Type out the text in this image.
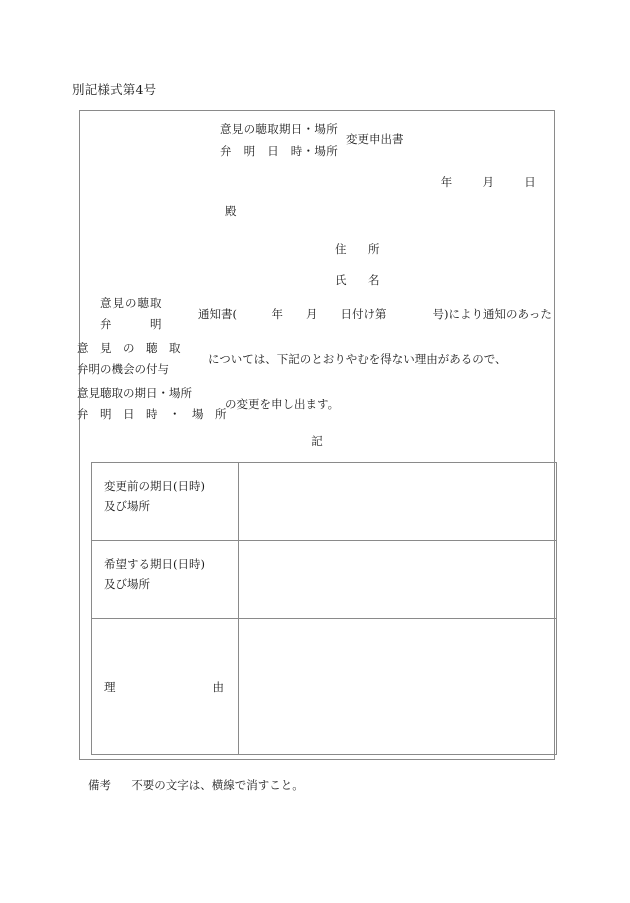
別記様式第4号
意見の聴取期日・場所
弁　明　日　時・場所
変更申出書
年	月	日
殿
住　所
氏　名
意見の聴取
弁　　　明
通知書(　　　年　　月　　日付け第　　　　号)により通知のあった
意　見　の　聴　取
弁明の機会の付与
については、下記のとおりやむを得ない理由があるので、
意見聴取の期日・場所
弁　明　日　時　・　場　所
の変更を申し出ます。
記
変更前の期日(日時)
及び場所	

希望する期日(日時)
及び場所	

理 由	

備考 不要の文字は、横線で消すこと。
